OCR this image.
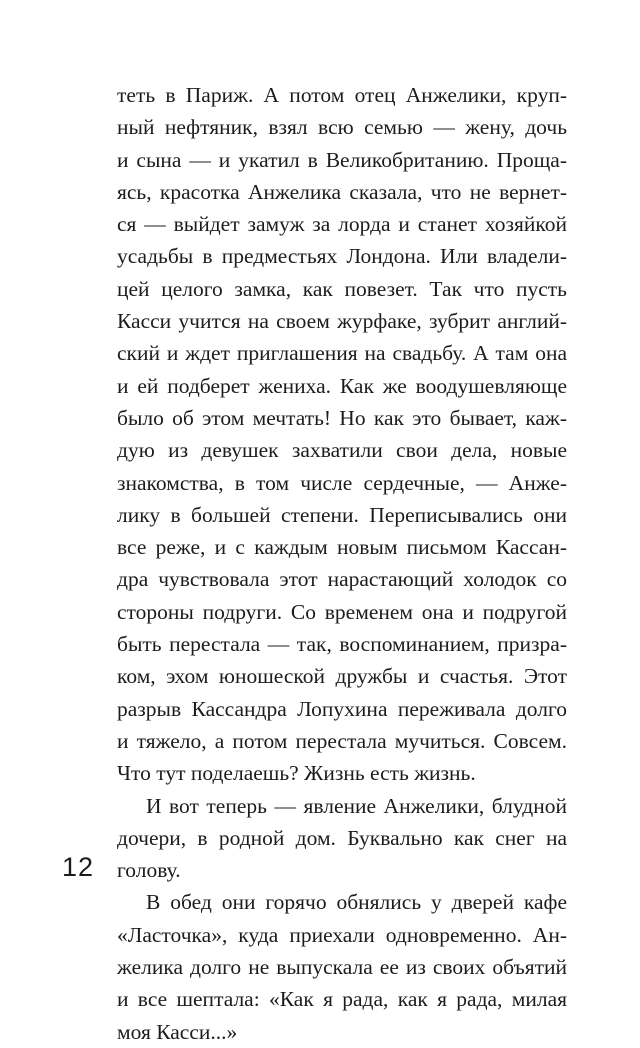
теть в Париж. А потом отец Анжелики, круп-
ный нефтяник, взял всю семью — жену, дочь
и сына — и укатил в Великобританию. Проща-
ясь, красотка Анжелика сказала, что не вернет-
ся — выйдет замуж за лорда и станет хозяйкой
усадьбы в предместьях Лондона. Или владели-
цей целого замка, как повезет. Так что пусть
Касси учится на своем журфаке, зубрит англий-
ский и ждет приглашения на свадьбу. А там она
и ей подберет жениха. Как же воодушевляюще
было об этом мечтать! Но как это бывает, каж-
дую из девушек захватили свои дела, новые
знакомства, в том числе сердечные, — Анже-
лику в большей степени. Переписывались они
все реже, и с каждым новым письмом Кассан-
дра чувствовала этот нарастающий холодок со
стороны подруги. Со временем она и подругой
быть перестала — так, воспоминанием, призра-
ком, эхом юношеской дружбы и счастья. Этот
разрыв Кассандра Лопухина переживала долго
и тяжело, а потом перестала мучиться. Совсем.
Что тут поделаешь? Жизнь есть жизнь.
И вот теперь — явление Анжелики, блудной
дочери, в родной дом. Буквально как снег на
голову.
В обед они горячо обнялись у дверей кафе
«Ласточка», куда приехали одновременно. Ан-
желика долго не выпускала ее из своих объятий
и все шептала: «Как я рада, как я рада, милая
моя Касси...»
12
